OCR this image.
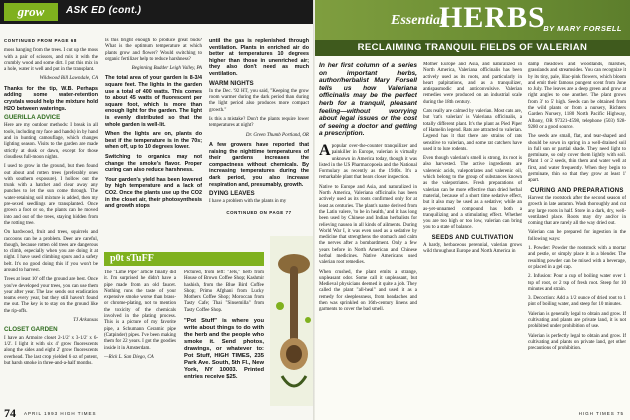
grow	ASK ED (cont.)
CONTINUED FROM PAGE 68

moss hanging from the trees. I cut up the moss with a pair of scissors, and mix it with the crumbly wood and some dirt. I put this mix in a hole, water it well and put in the transplant.

Wildwood Bill Lawndale, CA

Thanks for the tip, W.B. Perhaps adding some water-retention crystals would help the mixture hold H2O between waterings.

GUERILLA ADVICE

Here are my outdoor methods: I break in all tools, including my face and hands) in by hand and in hunting camouflage, which changes lighting season. Visits to the garden are made strictly at dusk or dawn, except for those cloudless full-moon nights.

I used to grow in the ground, but then found out about and rotten trees (preferably ones with southern exposure). I hollow out the trunk with a hatchet and clear away any punches to let the sun come through. The water-retaining soil mixture is added, then my pre-sexed seedlings are transplanted. Once grown a foot or so, the plants can be moved into and out of the trees, staying hidden from the rotting tree.

On hardwood, fruit and trees, squirrels and raccoons can be a problem. Deer are careful, though, because rotten old trees are dangerous to climb, especially when you are doing it at night. I have used climbing spurs and a safety belt. It's no good doing this if you won't be around to harvest.

Trees at least 10' off the ground are best. Once you've developed your trees, you can use them year after year. The law sends out eradication teams every year, but they still haven't found me out. The key is to stay on the ground like the rip-offs.

TJ Arkansas

CLOSET GARDEN

I have an Armoire closet 2-1/2' x 3-1/2' x 6-1/2'. I light it with six 4' grow fluorescents along the sides and eight 2' grow fluorescents overhead. The last crop yielded 6 oz of potent, but harsh smoke in three-and-a-half months.

Is this bright enough to produce great buds? What is the optimum temperature at which plants grow and flower? Would switching to organic fertilizer help to reduce harshness?

Beginning Budder Leigh Valley, PA

The total area of your garden is 8-3/4 square feet. The lights in the garden use a total of 400 watts. This comes to about 45 watts of fluorescent per square foot, which is more than enough light for the garden. The light is evenly distributed so that the whole garden is well-lit.

When the lights are on, plants do best if the temperature is in the 70s; when off, up to 10 degrees lower.

Switching to organics may not change the smoke's flavor. Proper curing can also reduce harshness.

Your garden's yield has been lowered by high temperature and a lack of CO2. Once the plants use up the CO2 in the closet air, their photosynthesis and growth stops

until the gas is replenished through ventilation. Plants in enriched air do better at temperatures 10 degrees higher than those in unenriched air; they also don't need as much ventilation.

WARM NIGHTS

In the Dec. '92 HT, you said, "Keeping the grow room warmer during the dark period than during the light period also produces more compact growth."

Is this a mistake? Don't the plants require lower temperatures at night?

Dr. Green Thumb Portland, OR

A few growers have reported that raising the nighttime temperatures of their gardens increases the compactness without chemicals. By increasing temperatures during the dark period, you also increase respiration and, presumably, growth.

DYING LEAVES

I have a problem with the plants in my

CONTINUED ON PAGE 77
p0t sTuFF

The "Lime Pipe" article finally did it. I'm surprised he didn't have a pipe made from an old faucet. Nothing runs the taste of your expensive smoke worse than brass- or chrome-plating, not to mention the toxicity of the chemicals involved in the plating process. This is a picture of my favorite pipe, a Schumann Ceramic pipe (Catpinder) pipes. I've been making them for 22 years. I got the goodies inside it in Amsterdam.

—Rick L. San Diego, CA

Pictured, from left: "Jets," herb from House of Brown Coffee Shop; Kashmir hashish, from the Blue Bird Coffee Shop; Primo Afghani from Lucky Mothers Coffee Shop; Moroccan from Tasty Cafe; Thai "Sinsemilla" from Tasty Coffee Shop.

"Pot Stuff" is where you write about things to do with the herb and the people who smoke it. Send photos, drawings, or whatever to: Pot Stuff, HIGH TIMES, 235 Park Ave. South, 5th Fl., New York, NY 10003. Printed entries receive $25.

74 APRIL 1993 HIGH TIMES
Essential
HERBS
BY MARY FORSELL
RECLAIMING TRANQUIL FIELDS OF VALERIAN

In her first column of a series on important herbs, author/herbalist Mary Forsell tells us how Valeriana officinalis may be the perfect herb for a tranquil, pleasant feeling—without worrying about legal issues or the cost of seeing a doctor and getting a prescription.

Apopular over-the-counter tranquilizer and painkiller in Europe, valerian is virtually unknown in America today, though it was listed in the US Pharmacopoeia and the National Formulary as recently as the 1940s. It's a remarkable plant that bears closer inspection.

Native to Europe and Asia, and naturalized in North America, Valeriana officinalis has been actively used as its roots confirmed only for at least as centuries. The plant's name derived from the Latin valere, 'to be in health,' and it has long been used by Chinese and Indian herbalists for relieving nausea in all kinds of ailments. During World War I, it was even used as a sedative by medicine that strengthens the stomach and calm the nerves after a bombardment. Only a few years before in North American and Chinese herbal medicines. Native Americans used valerian root remedies.

When crushed, the plant emits a strange, unpleasant odor. Some call it unpleasant, but Medieval physicians deemed it quite a job. They called the plant "all-heal" and used it as a remedy for sleeplessness, from headaches and then was sprinkled on 16th-century linens and garments to cover the bad smell.

Mother Europe and Asia, and naturalized in North America, Valeriana officinalis has been actively used as its roots, and particularly in heart palpitations, and as a tranquilizer, antispasmodic and anticonvulsive. Valerian remedies were produced on an industrial scale during the 18th century.

Cats really are calmed by valerian. Most cats are, but 'cat's valerian' is Valeriana officinalis, a totally different plant. It's the plant as Pied Piper of Hamelin legend. Rats are attracted to valerian. Legend has it that there are strains of rats sensitive to valerian, and some rat catchers have used it to lure rodents.

Even though valerian's smell is strong, its root is also harvested. The active ingredients are valerenic acids, valepotriates and valerenic oil, which belong to the group of substances known as the valepotriates. Fresh preparations of valerian can be more effective than dried herbal material, because of a short time sedative effect, but it also may be used as a sedative; while an as-yet-unnamed compound has both a tranquilizing and a stimulating effect. Whether you are too high or too low, valerian can bring you to a state of balance.

SEEDS AND CULTIVATION

A hardy, herbaceous perennial, valerian grows wild throughout Europe and North America in

damp meadows and woodlands, marshes, grasslands and streamsides. You can recognize it by its tiny, pale, lilac-pink flowers, which bloom and emit their famous pungent scent from June to July. The leaves are a deep green and grow at right angles to one another. The plant grows from 3' to 5' high. Seeds can be obtained from the wild plants or from a nursery, Richters Garden Nursery, 1180 North Pacific Highway, Albany, OR 97321-4598, telephone (503) 928-9280 or a good source.

The seeds are small, flat, and tear-shaped and should be sown in spring in a well-drained soil in full sun or partial shade. They need light to germinate, so only cover them lightly with soil. Plant 1 or 2 seeds, thin them and water well at first, and water frequently. When they begin to germinate, thin so that they grow at least 1' apart.

CURING AND PREPARATIONS

Harvest the rootstock after the second season of growth in late autumn. Wash thoroughly and cut any large roots in half. Store in a dark, dry, well-ventilated place. Roots may dry and/or in coming that are rarely all the way dried out.

Valerian can be prepared for ingestion in the following ways:

1. Powder: Powder the rootstock with a mortar and pestle, or simply place it in a blender. The resulting powder can be mixed with a beverage, or placed in a gel cap.

2. Infusion: Pour a cup of boiling water over 1 tsp of root, or 2 tsp of fresh root. Steep for 10 minutes and strain.

3. Decoction: Add a 1/2 ounce of dried root to 1 pint of boiling water, and steep for 10 minutes.

Valerian is generally legal to obtain and grow. If cultivating and plants are private land, it is not prohibited under prohibition of use.

Valerian is perfectly legal to obtain and grow. If cultivating and plants on private land, get other precautions of prohibition.

HIGH TIMES 75
